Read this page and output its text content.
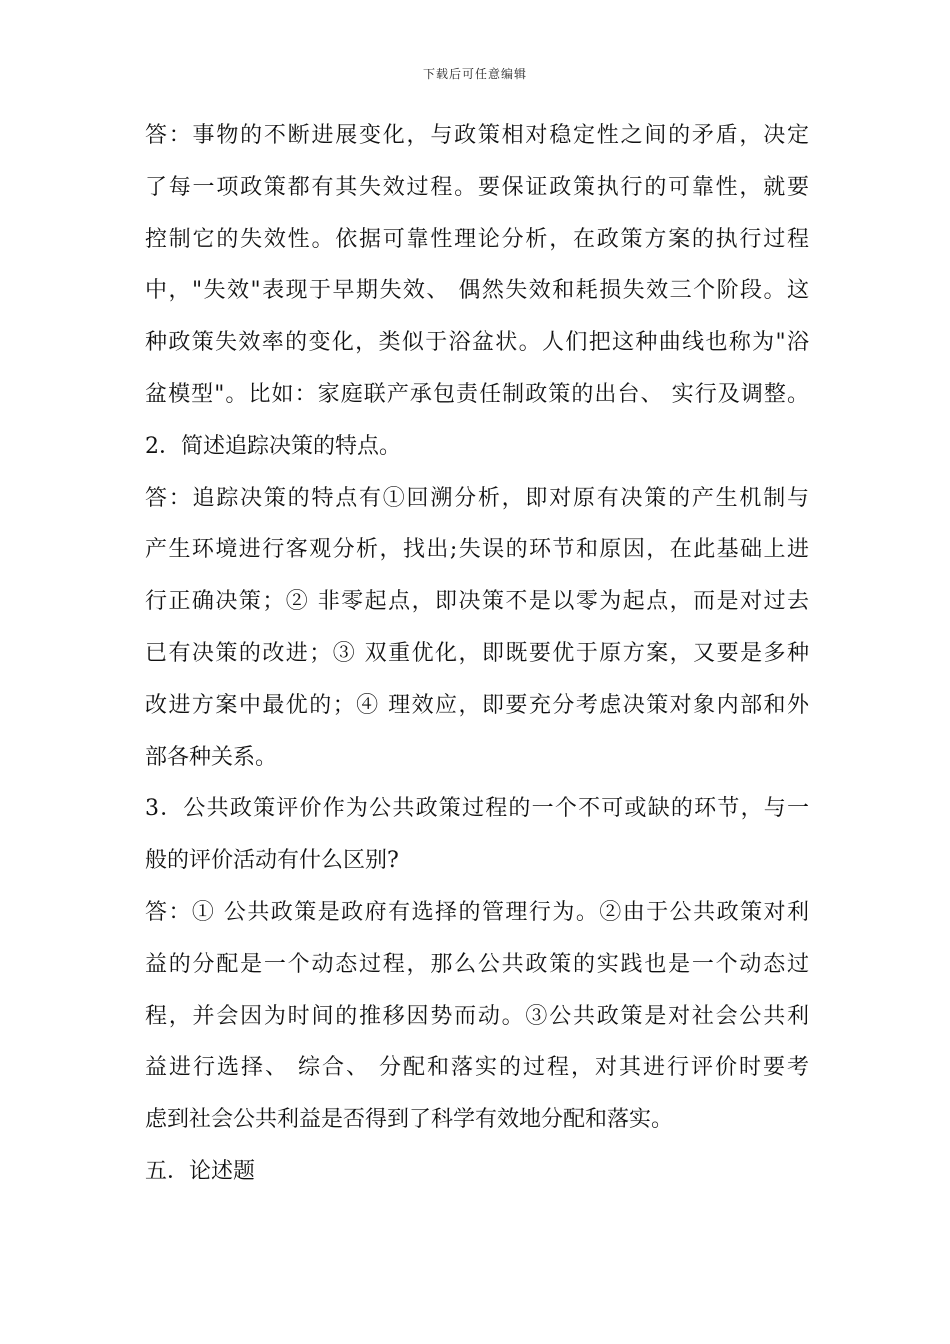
下载后可任意编辑
答：事物的不断进展变化，与政策相对稳定性之间的矛盾，决定
了每一项政策都有其失效过程。要保证政策执行的可靠性，就要
控制它的失效性。依据可靠性理论分析，在政策方案的执行过程
中，"失效"表现于早期失效、 偶然失效和耗损失效三个阶段。这
种政策失效率的变化，类似于浴盆状。人们把这种曲线也称为"浴
盆模型"。比如：家庭联产承包责任制政策的出台、 实行及调整。
2．简述追踪决策的特点。
答：追踪决策的特点有①回溯分析，即对原有决策的产生机制与
产生环境进行客观分析，找出;失误的环节和原因，在此基础上进
行正确决策；② 非零起点，即决策不是以零为起点，而是对过去
已有决策的改进；③ 双重优化，即既要优于原方案，又要是多种
改进方案中最优的；④ 理效应，即要充分考虑决策对象内部和外
部各种关系。
3．公共政策评价作为公共政策过程的一个不可或缺的环节，与一
般的评价活动有什么区别?
答：① 公共政策是政府有选择的管理行为。②由于公共政策对利
益的分配是一个动态过程，那么公共政策的实践也是一个动态过
程，并会因为时间的推移因势而动。③公共政策是对社会公共利
益进行选择、 综合、 分配和落实的过程，对其进行评价时要考
虑到社会公共利益是否得到了科学有效地分配和落实。
五．论述题
